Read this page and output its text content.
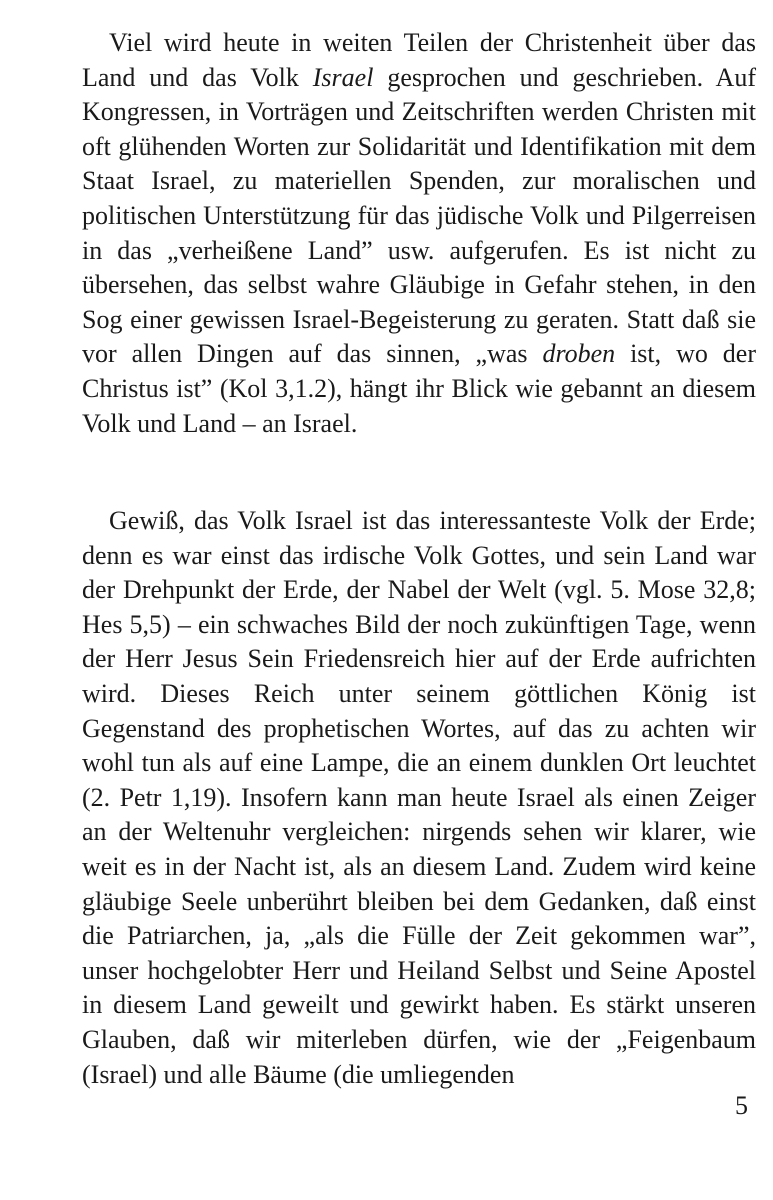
Viel wird heute in weiten Teilen der Christenheit über das Land und das Volk Israel gesprochen und geschrieben. Auf Kongressen, in Vorträgen und Zeitschriften werden Christen mit oft glühenden Worten zur Solidarität und Identifikation mit dem Staat Israel, zu materiellen Spenden, zur moralischen und politischen Unterstützung für das jüdische Volk und Pilgerreisen in das „verheißene Land” usw. aufgerufen. Es ist nicht zu übersehen, das selbst wahre Gläubige in Gefahr stehen, in den Sog einer gewissen Israel-Begeisterung zu geraten. Statt daß sie vor allen Dingen auf das sinnen, „was droben ist, wo der Christus ist” (Kol 3,1.2), hängt ihr Blick wie gebannt an diesem Volk und Land – an Israel.

Gewiß, das Volk Israel ist das interessanteste Volk der Erde; denn es war einst das irdische Volk Gottes, und sein Land war der Drehpunkt der Erde, der Nabel der Welt (vgl. 5. Mose 32,8; Hes 5,5) – ein schwaches Bild der noch zukünftigen Tage, wenn der Herr Jesus Sein Friedensreich hier auf der Erde aufrichten wird. Dieses Reich unter seinem göttlichen König ist Gegenstand des prophetischen Wortes, auf das zu achten wir wohl tun als auf eine Lampe, die an einem dunklen Ort leuchtet (2. Petr 1,19). Insofern kann man heute Israel als einen Zeiger an der Weltenuhr vergleichen: nirgends sehen wir klarer, wie weit es in der Nacht ist, als an diesem Land. Zudem wird keine gläubige Seele unberührt bleiben bei dem Gedanken, daß einst die Patriarchen, ja, „als die Fülle der Zeit gekommen war”, unser hochgelobter Herr und Heiland Selbst und Seine Apostel in diesem Land geweilt und gewirkt haben. Es stärkt unseren Glauben, daß wir miterleben dürfen, wie der „Feigenbaum (Israel) und alle Bäume (die umliegenden

5
